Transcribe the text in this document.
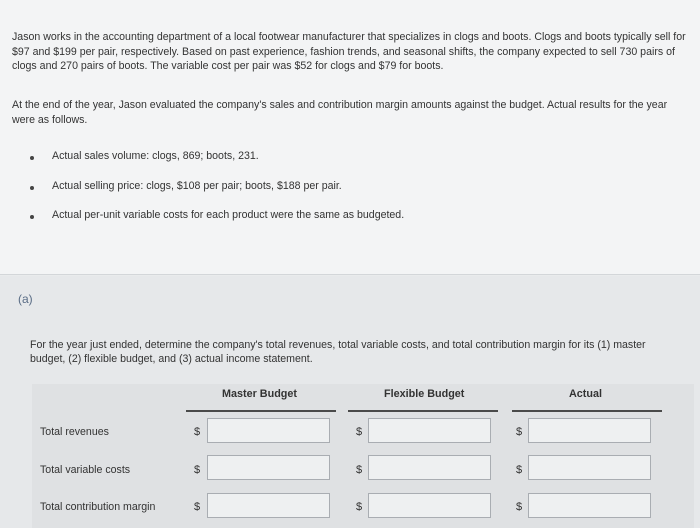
Jason works in the accounting department of a local footwear manufacturer that specializes in clogs and boots. Clogs and boots typically sell for $97 and $199 per pair, respectively. Based on past experience, fashion trends, and seasonal shifts, the company expected to sell 730 pairs of clogs and 270 pairs of boots. The variable cost per pair was $52 for clogs and $79 for boots.

At the end of the year, Jason evaluated the company's sales and contribution margin amounts against the budget. Actual results for the year were as follows.

Actual sales volume: clogs, 869; boots, 231.
Actual selling price: clogs, $108 per pair; boots, $188 per pair.
Actual per-unit variable costs for each product were the same as budgeted.
(a)

For the year just ended, determine the company's total revenues, total variable costs, and total contribution margin for its (1) master budget, (2) flexible budget, and (3) actual income statement.

Master Budget	Flexible Budget	Actual
Total revenues	$	$	$
Total variable costs	$	$	$
Total contribution margin	$	$	$
